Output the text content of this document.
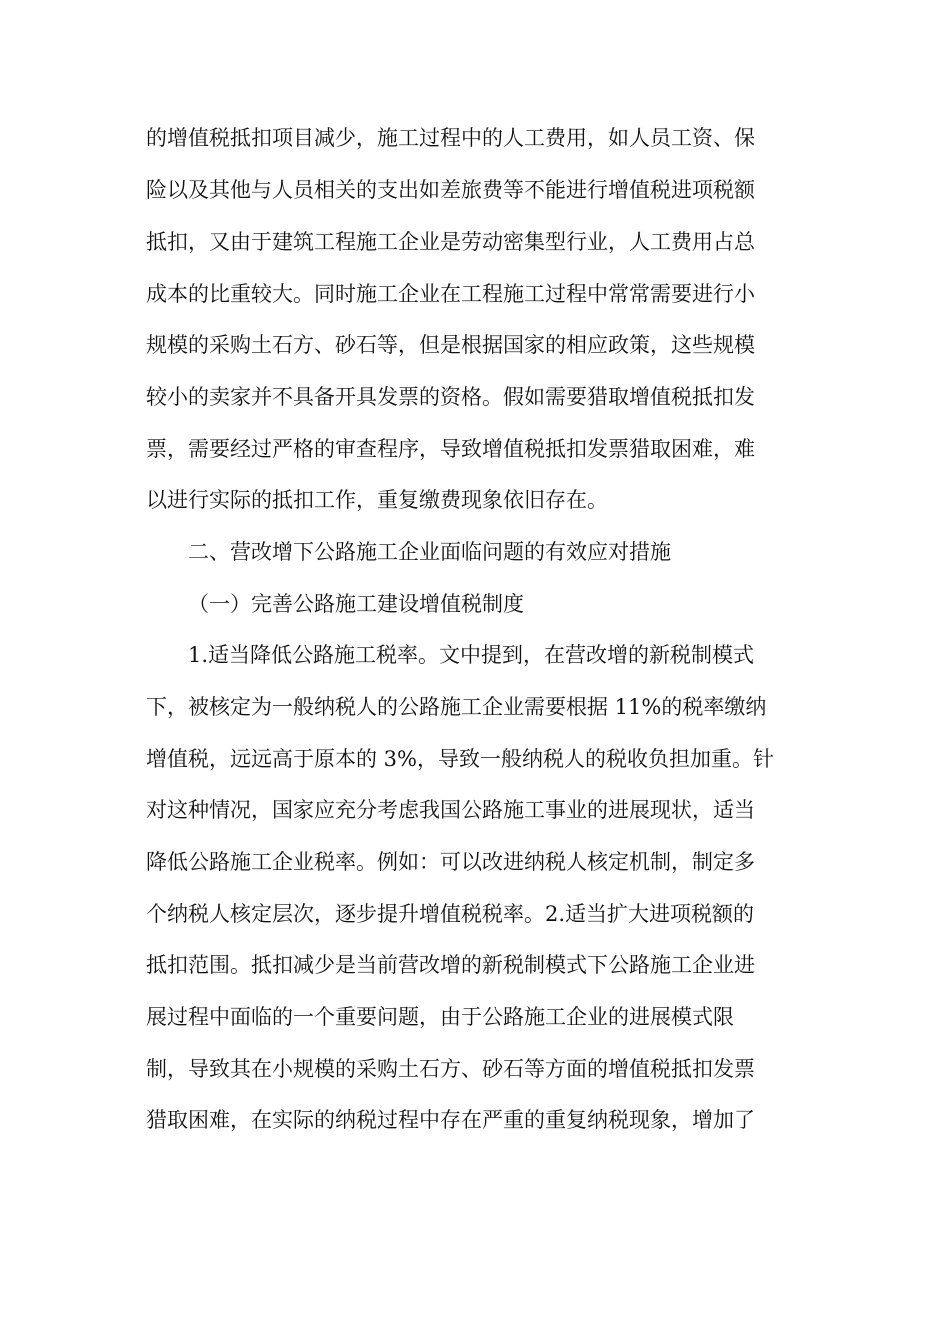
的增值税抵扣项目减少，施工过程中的人工费用，如人员工资、保
险以及其他与人员相关的支出如差旅费等不能进行增值税进项税额
抵扣，又由于建筑工程施工企业是劳动密集型行业，人工费用占总
成本的比重较大。同时施工企业在工程施工过程中常常需要进行小
规模的采购土石方、砂石等，但是根据国家的相应政策，这些规模
较小的卖家并不具备开具发票的资格。假如需要猎取增值税抵扣发
票，需要经过严格的审查程序，导致增值税抵扣发票猎取困难，难
以进行实际的抵扣工作，重复缴费现象依旧存在。
二、营改增下公路施工企业面临问题的有效应对措施
（一）完善公路施工建设增值税制度
1.适当降低公路施工税率。文中提到，在营改增的新税制模式
下，被核定为一般纳税人的公路施工企业需要根据 11%的税率缴纳
增值税，远远高于原本的 3%，导致一般纳税人的税收负担加重。针
对这种情况，国家应充分考虑我国公路施工事业的进展现状，适当
降低公路施工企业税率。例如：可以改进纳税人核定机制，制定多
个纳税人核定层次，逐步提升增值税税率。2.适当扩大进项税额的
抵扣范围。抵扣减少是当前营改增的新税制模式下公路施工企业进
展过程中面临的一个重要问题，由于公路施工企业的进展模式限
制，导致其在小规模的采购土石方、砂石等方面的增值税抵扣发票
猎取困难，在实际的纳税过程中存在严重的重复纳税现象，增加了
